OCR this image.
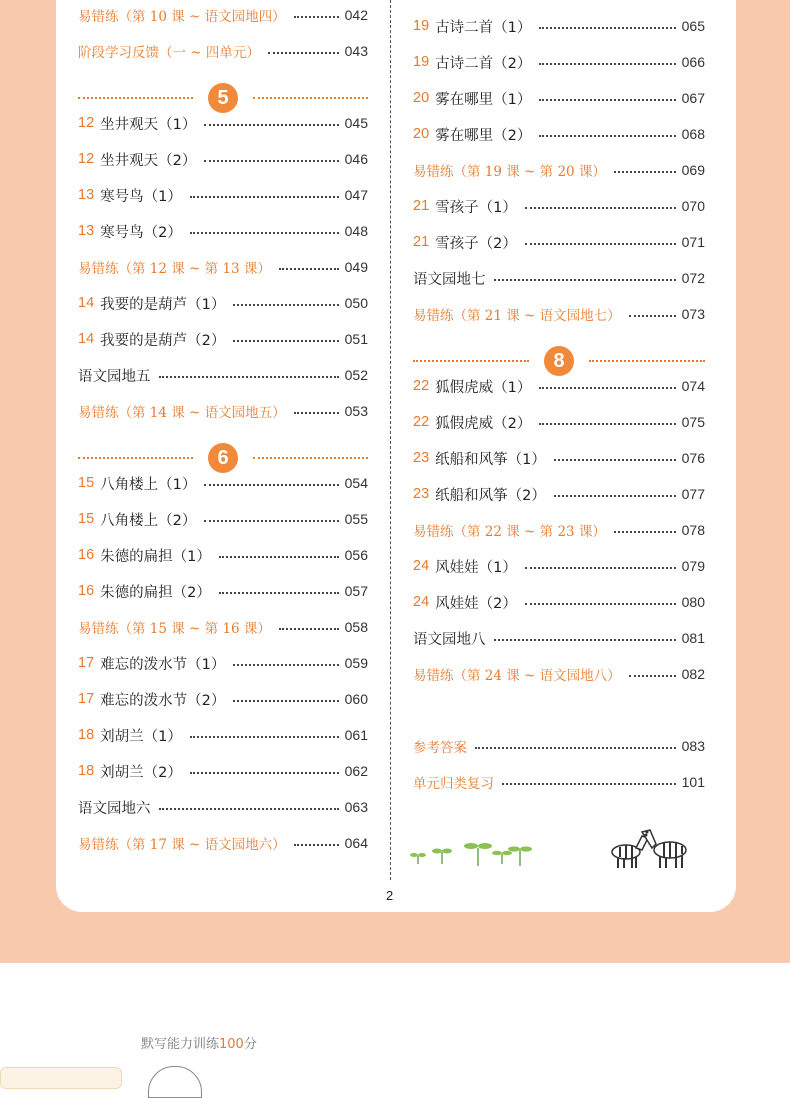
易错练（第 10 课 ~ 语文园地四）	042
阶段学习反馈（一 ~ 四单元）	043
5
12 坐井观天（1）	045
12 坐井观天（2）	046
13 寒号鸟（1）	047
13 寒号鸟（2）	048
易错练（第 12 课 ~ 第 13 课）	049
14 我要的是葫芦（1）	050
14 我要的是葫芦（2）	051
语文园地五	052
易错练（第 14 课 ~ 语文园地五）	053
6
15 八角楼上（1）	054
15 八角楼上（2）	055
16 朱德的扁担（1）	056
16 朱德的扁担（2）	057
易错练（第 15 课 ~ 第 16 课）	058
17 难忘的泼水节（1）	059
17 难忘的泼水节（2）	060
18 刘胡兰（1）	061
18 刘胡兰（2）	062
语文园地六	063
易错练（第 17 课 ~ 语文园地六）	064
19 古诗二首（1）	065
19 古诗二首（2）	066
20 雾在哪里（1）	067
20 雾在哪里（2）	068
易错练（第 19 课 ~ 第 20 课）	069
21 雪孩子（1）	070
21 雪孩子（2）	071
语文园地七	072
易错练（第 21 课 ~ 语文园地七）	073
8
22 狐假虎威（1）	074
22 狐假虎威（2）	075
23 纸船和风筝（1）	076
23 纸船和风筝（2）	077
易错练（第 22 课 ~ 第 23 课）	078
24 风娃娃（1）	079
24 风娃娃（2）	080
语文园地八	081
易错练（第 24 课 ~ 语文园地八）	082
参考答案	083
单元归类复习	101
2
默写能力训练100分
